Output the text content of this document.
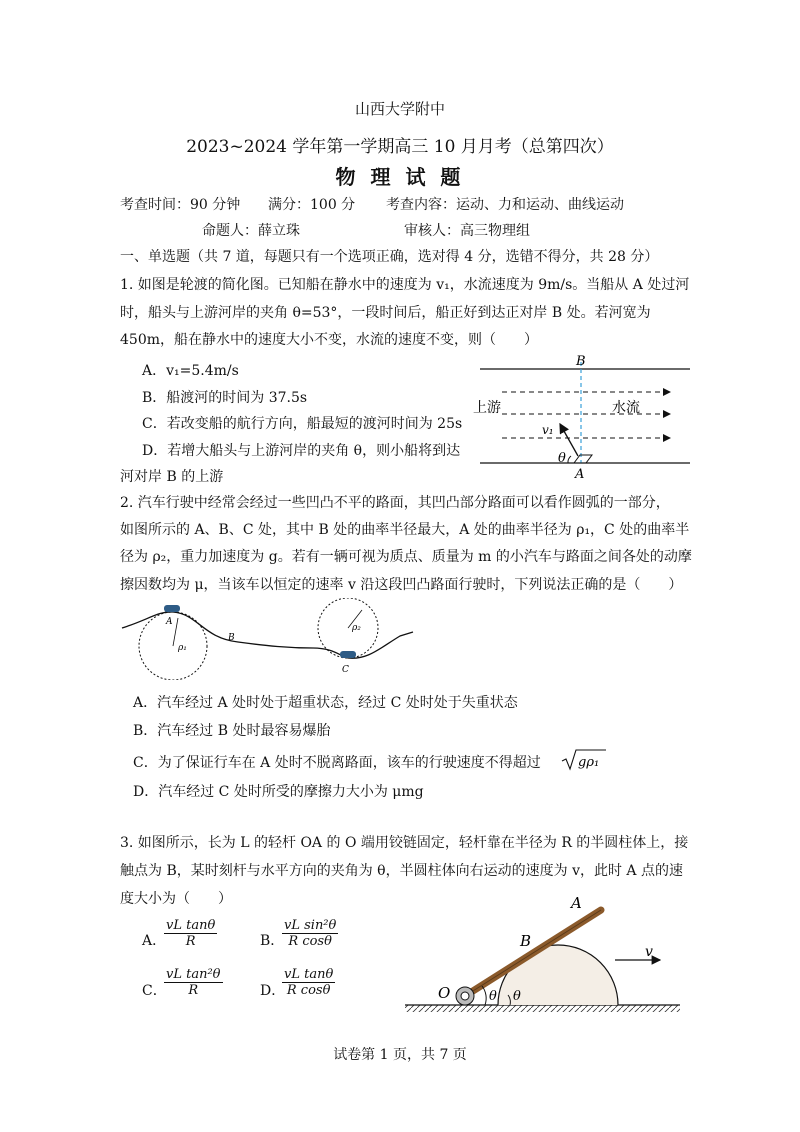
山西大学附中
2023~2024 学年第一学期高三 10 月月考（总第四次）
物 理 试 题
考查时间：90 分钟 满分：100 分 考查内容：运动、力和运动、曲线运动
命题人：薛立珠	审核人：高三物理组
一、单选题（共 7 道，每题只有一个选项正确，选对得 4 分，选错不得分，共 28 分）
1. 如图是轮渡的简化图。已知船在静水中的速度为 v₁，水流速度为 9m/s。当船从 A 处过河
时，船头与上游河岸的夹角 θ=53°，一段时间后，船正好到达正对岸 B 处。若河宽为
450m，船在静水中的速度大小不变，水流的速度不变，则（　　）
A．v₁=5.4m/s
B．船渡河的时间为 37.5s
C．若改变船的航行方向，船最短的渡河时间为 25s
D．若增大船头与上游河岸的夹角 θ，则小船将到达
河对岸 B 的上游
B
A
上游	水流
v₁
θ
2. 汽车行驶中经常会经过一些凹凸不平的路面，其凹凸部分路面可以看作圆弧的一部分，
如图所示的 A、B、C 处，其中 B 处的曲率半径最大，A 处的曲率半径为 ρ₁，C 处的曲率半
径为 ρ₂，重力加速度为 g。若有一辆可视为质点、质量为 m 的小汽车与路面之间各处的动摩
擦因数均为 μ，当该车以恒定的速率 v 沿这段凹凸路面行驶时，下列说法正确的是（　　）
A
B
C
ρ₁
ρ₂
A．汽车经过 A 处时处于超重状态，经过 C 处时处于失重状态
B．汽车经过 B 处时最容易爆胎
C．为了保证行车在 A 处时不脱离路面，该车的行驶速度不得超过	gρ₁
D．汽车经过 C 处时所受的摩擦力大小为 μmg
3. 如图所示，长为 L 的轻杆 OA 的 O 端用铰链固定，轻杆靠在半径为 R 的半圆柱体上，接
触点为 B，某时刻杆与水平方向的夹角为 θ，半圆柱体向右运动的速度为 v，此时 A 点的速
度大小为（　　）
A．
$\frac{\text{vL tanθ}}{R}$	B．
$\frac{\text{vL sin²θ}}{\text{R cosθ}}$
C．
$\frac{\text{vL tan²θ}}{R}$	D．
$\frac{\text{vL tanθ}}{\text{R cosθ}}$
A
B
O
v
θ θ
试卷第 1 页，共 7 页
